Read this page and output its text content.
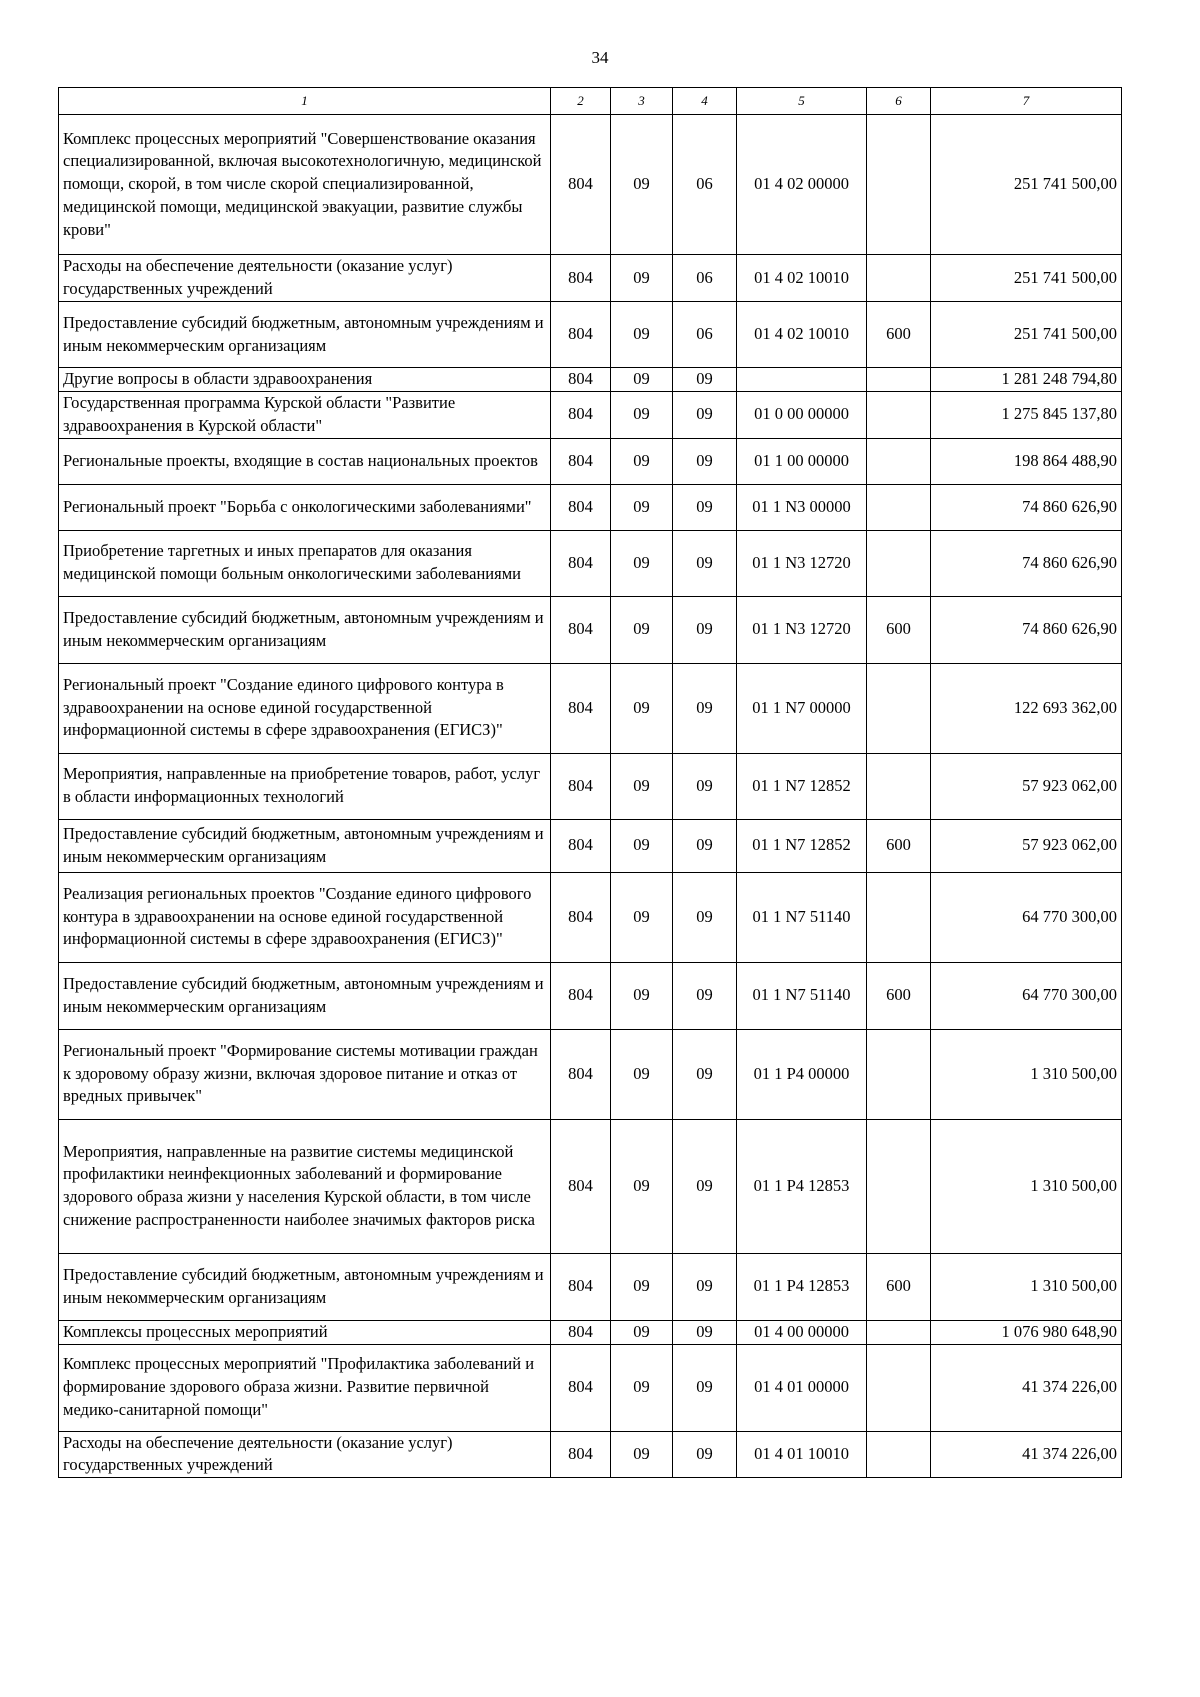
34
1	2	3	4	5	6	7
Комплекс процессных мероприятий "Совершенствование оказания специализированной, включая высокотехнологичную, медицинской помощи, скорой, в том числе скорой специализированной, медицинской помощи, медицинской эвакуации, развитие службы крови"	804	09	06	01 4 02 00000		251 741 500,00
Расходы на обеспечение деятельности (оказание услуг) государственных учреждений	804	09	06	01 4 02 10010		251 741 500,00
Предоставление субсидий бюджетным, автономным учреждениям и иным некоммерческим организациям	804	09	06	01 4 02 10010	600	251 741 500,00
Другие вопросы в области здравоохранения	804	09	09			1 281 248 794,80
Государственная программа Курской области "Развитие здравоохранения в Курской области"	804	09	09	01 0 00 00000		1 275 845 137,80
Региональные проекты, входящие в состав национальных проектов	804	09	09	01 1 00 00000		198 864 488,90
Региональный проект "Борьба с онкологическими заболеваниями"	804	09	09	01 1 N3 00000		74 860 626,90
Приобретение таргетных и иных препаратов для оказания медицинской помощи больным онкологическими заболеваниями	804	09	09	01 1 N3 12720		74 860 626,90
Предоставление субсидий бюджетным, автономным учреждениям и иным некоммерческим организациям	804	09	09	01 1 N3 12720	600	74 860 626,90
Региональный проект "Создание единого цифрового контура в здравоохранении на основе единой государственной информационной системы в сфере здравоохранения (ЕГИСЗ)"	804	09	09	01 1 N7 00000		122 693 362,00
Мероприятия, направленные на приобретение товаров, работ, услуг в области информационных технологий	804	09	09	01 1 N7 12852		57 923 062,00
Предоставление субсидий бюджетным, автономным учреждениям и иным некоммерческим организациям	804	09	09	01 1 N7 12852	600	57 923 062,00
Реализация региональных проектов "Создание единого цифрового контура в здравоохранении на основе единой государственной информационной системы в сфере здравоохранения (ЕГИСЗ)"	804	09	09	01 1 N7 51140		64 770 300,00
Предоставление субсидий бюджетным, автономным учреждениям и иным некоммерческим организациям	804	09	09	01 1 N7 51140	600	64 770 300,00
Региональный проект "Формирование системы мотивации граждан к здоровому образу жизни, включая здоровое питание и отказ от вредных привычек"	804	09	09	01 1 P4 00000		1 310 500,00
Мероприятия, направленные на развитие системы медицинской профилактики неинфекционных заболеваний и формирование здорового образа жизни у населения Курской области, в том числе снижение распространенности наиболее значимых факторов риска	804	09	09	01 1 P4 12853		1 310 500,00
Предоставление субсидий бюджетным, автономным учреждениям и иным некоммерческим организациям	804	09	09	01 1 P4 12853	600	1 310 500,00
Комплексы процессных мероприятий	804	09	09	01 4 00 00000		1 076 980 648,90
Комплекс процессных мероприятий "Профилактика заболеваний и формирование здорового образа жизни. Развитие первичной медико-санитарной помощи"	804	09	09	01 4 01 00000		41 374 226,00
Расходы на обеспечение деятельности (оказание услуг) государственных учреждений	804	09	09	01 4 01 10010		41 374 226,00
